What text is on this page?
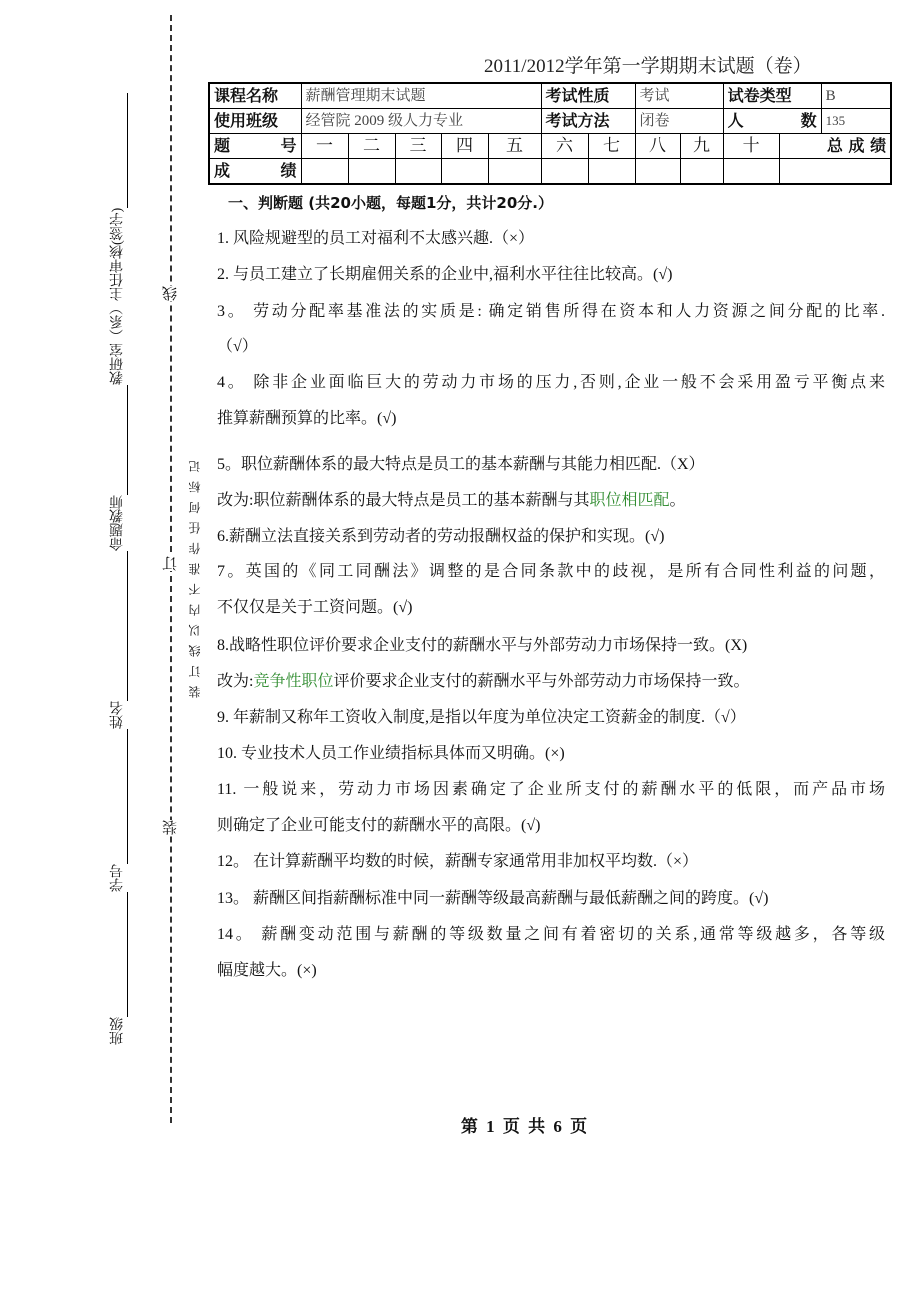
班级
学号
姓名
命题教师
教研室（系）主任审核(签字)	线
订
装
装订线以内不准作任何标记
2011/2012学年第一学期期末试题（卷）
课程名称	薪酬管理期末试题					考试性质		考试		试卷类型		B
使用班级	经管院 2009 级人力专业					考试方法		闭卷		人 数		135

题 号	一	二	三	四	五	六	七	八	九	十	总 成 绩	

成 绩												

一、判断题 (共20小题，每题1分，共计20分.）
1. 风险规避型的员工对福利不太感兴趣.（×）
2. 与员工建立了长期雇佣关系的企业中,福利水平往往比较高。(√)
3。 劳动分配率基准法的实质是: 确定销售所得在资本和人力资源之间分配的比率.
（√）
4。 除非企业面临巨大的劳动力市场的压力,否则,企业一般不会采用盈亏平衡点来
推算薪酬预算的比率。(√)
5。职位薪酬体系的最大特点是员工的基本薪酬与其能力相匹配.（X）
改为:职位薪酬体系的最大特点是员工的基本薪酬与其职位相匹配。
6.薪酬立法直接关系到劳动者的劳动报酬权益的保护和实现。(√)
7。英国的《同工同酬法》调整的是合同条款中的歧视，是所有合同性利益的问题，
不仅仅是关于工资问题。(√)
8.战略性职位评价要求企业支付的薪酬水平与外部劳动力市场保持一致。(X)
改为:竞争性职位评价要求企业支付的薪酬水平与外部劳动力市场保持一致。
9. 年薪制又称年工资收入制度,是指以年度为单位决定工资薪金的制度.（√）
10. 专业技术人员工作业绩指标具体而又明确。(×)
11. 一般说来，劳动力市场因素确定了企业所支付的薪酬水平的低限，而产品市场
则确定了企业可能支付的薪酬水平的高限。(√)
12。 在计算薪酬平均数的时候，薪酬专家通常用非加权平均数.（×）
13。 薪酬区间指薪酬标准中同一薪酬等级最高薪酬与最低薪酬之间的跨度。(√)
14。 薪酬变动范围与薪酬的等级数量之间有着密切的关系,通常等级越多，各等级
幅度越大。(×)
第 1 页 共 6 页
